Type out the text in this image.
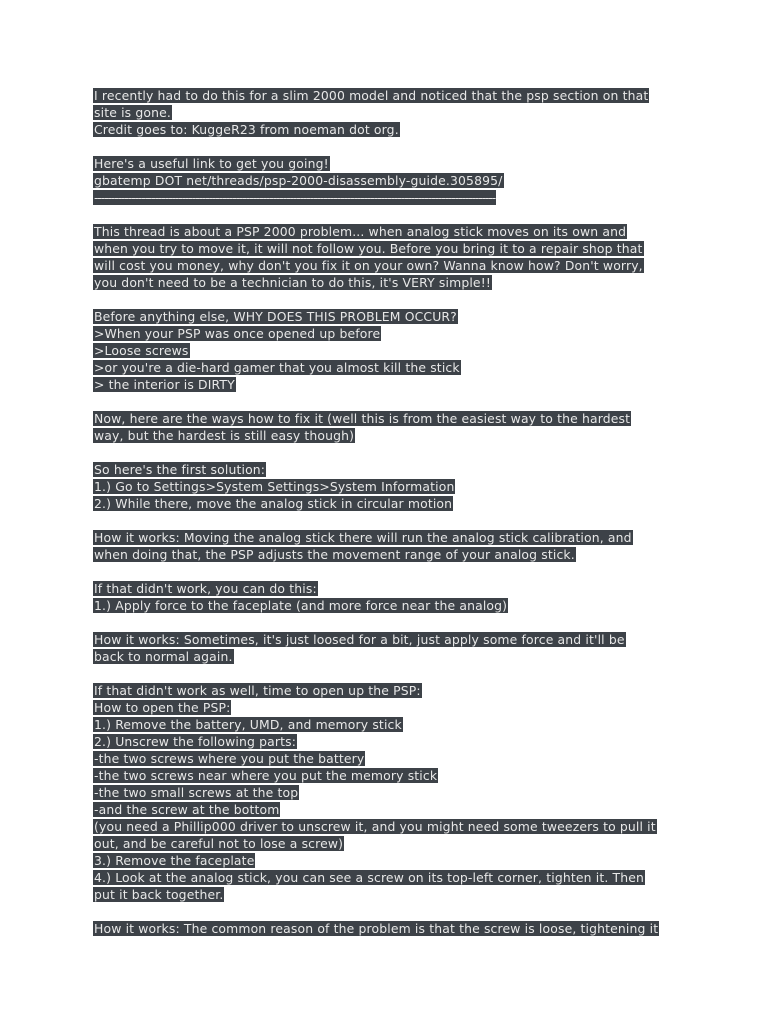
I recently had to do this for a slim 2000 model and noticed that the psp section on that
site is gone.
Credit goes to: KuggeR23 from noeman dot org.
Here's a useful link to get you going!
gbatemp DOT net/threads/psp-2000-disassembly-guide.305895/
-----------------------------------------------------------------------------------------------------------------------
This thread is about a PSP 2000 problem... when analog stick moves on its own and
when you try to move it, it will not follow you. Before you bring it to a repair shop that
will cost you money, why don't you fix it on your own? Wanna know how? Don't worry,
you don't need to be a technician to do this, it's VERY simple!!
Before anything else, WHY DOES THIS PROBLEM OCCUR?
>When your PSP was once opened up before
>Loose screws
>or you're a die-hard gamer that you almost kill the stick
> the interior is DIRTY
Now, here are the ways how to fix it (well this is from the easiest way to the hardest
way, but the hardest is still easy though)
So here's the first solution:
1.) Go to Settings>System Settings>System Information
2.) While there, move the analog stick in circular motion
How it works: Moving the analog stick there will run the analog stick calibration, and
when doing that, the PSP adjusts the movement range of your analog stick.
If that didn't work, you can do this:
1.) Apply force to the faceplate (and more force near the analog)
How it works: Sometimes, it's just loosed for a bit, just apply some force and it'll be
back to normal again.
If that didn't work as well, time to open up the PSP:
How to open the PSP:
1.) Remove the battery, UMD, and memory stick
2.) Unscrew the following parts:
-the two screws where you put the battery
-the two screws near where you put the memory stick
-the two small screws at the top
-and the screw at the bottom
(you need a Phillip000 driver to unscrew it, and you might need some tweezers to pull it
out, and be careful not to lose a screw)
3.) Remove the faceplate
4.) Look at the analog stick, you can see a screw on its top-left corner, tighten it. Then
put it back together.
How it works: The common reason of the problem is that the screw is loose, tightening it
